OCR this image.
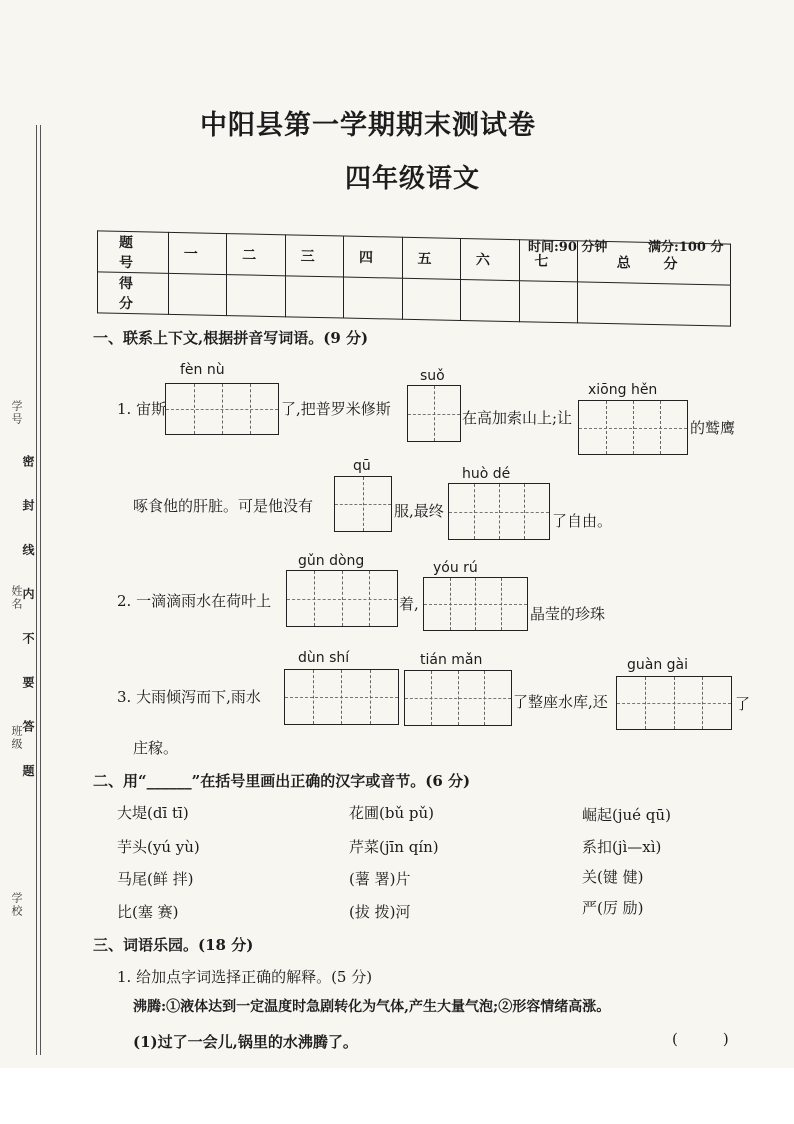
学号
姓名
班级
学校
密 封 线 内 不 要 答 题
中阳县第一学期期末测试卷
四年级语文
时间:90 分钟	满分:100 分
题 号	一	二	三	四	五	六	七	总 分
得 分								
一、联系上下文,根据拼音写词语。(9 分)
fèn nù
1. 宙斯	了,把普罗米修斯
suǒ
在高加索山上;让
xiōng hěn
的鹫鹰
qū
啄食他的肝脏。可是他没有	服,最终
huò dé
了自由。
gǔn dòng
2. 一滴滴雨水在荷叶上	着,
yóu rú
晶莹的珍珠
dùn shí
3. 大雨倾泻而下,雨水
tián mǎn
了整座水库,还
guàn gài
了
庄稼。
二、用“______”在括号里画出正确的汉字或音节。(6 分)
大堤(dī tī)	花圃(bǔ pǔ)	崛起(jué qū)
芋头(yú yù)	芹菜(jīn qín)	系扣(jì—xì)
马尾(鲜 拌)	(薯 署)片	关(键 健)
比(塞 赛)	(拔 拨)河	严(厉 励)
三、词语乐园。(18 分)
1. 给加点字词选择正确的解释。(5 分)
沸腾:①液体达到一定温度时急剧转化为气体,产生大量气泡;②形容情绪高涨。
(1)过了一会儿,锅里的水沸腾了。	(　　　)
